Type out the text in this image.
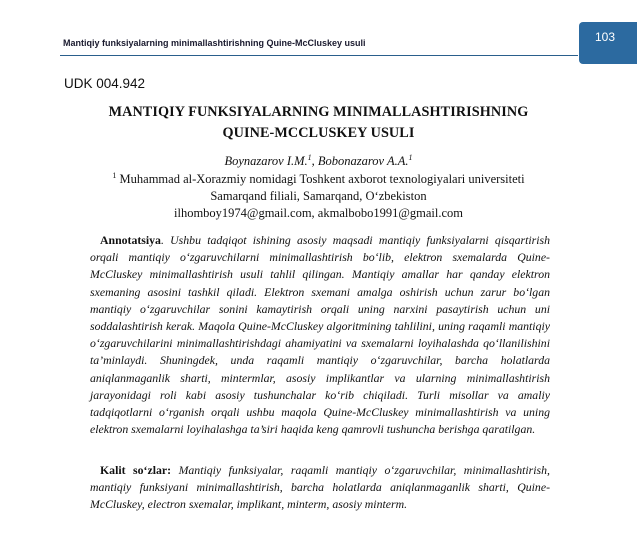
Mantiqiy funksiyalarning minimallashtirishning Quine-McCluskey usuli	103
UDK 004.942
MANTIQIY FUNKSIYALARNING MINIMALLASHTIRISHNING
QUINE-MCCLUSKEY USULI
Boynazarov I.M.$^1$, Bobonazarov A.A.$^1$
$^1$ Muhammad al-Xorazmiy nomidagi Toshkent axborot texnologiyalari universiteti
Samarqand filiali, Samarqand, O‘zbekiston
ilhomboy1974@gmail.com, akmalbobo1991@gmail.com
Annotatsiya. Ushbu tadqiqot ishining asosiy maqsadi mantiqiy funksiyalarni qisqartirish orqali mantiqiy o‘zgaruvchilarni minimallashtirish bo‘lib, elektron sxemalarda Quine-McCluskey minimallashtirish usuli tahlil qilingan. Mantiqiy amallar har qanday elektron sxemaning asosini tashkil qiladi. Elektron sxemani amalga oshirish uchun zarur bo‘lgan mantiqiy o‘zgaruvchilar sonini kamaytirish orqali uning narxini pasaytirish uchun uni soddalashtirish kerak. Maqola Quine-McCluskey algoritmining tahlilini, uning raqamli mantiqiy o‘zgaruvchilarini minimallashtirishdagi ahamiyatini va sxemalarni loyihalashda qo‘llanilishini ta’minlaydi. Shuningdek, unda raqamli mantiqiy o‘zgaruvchilar, barcha holatlarda aniqlanmaganlik sharti, mintermlar, asosiy implikantlar va ularning minimallashtirish jarayonidagi roli kabi asosiy tushunchalar ko‘rib chiqiladi. Turli misollar va amaliy tadqiqotlarni o‘rganish orqali ushbu maqola Quine-McCluskey minimallashtirish va uning elektron sxemalarni loyihalashga ta’siri haqida keng qamrovli tushuncha berishga qaratilgan.
Kalit so‘zlar: Mantiqiy funksiyalar, raqamli mantiqiy o‘zgaruvchilar, minimallashtirish, mantiqiy funksiyani minimallashtirish, barcha holatlarda aniqlanmaganlik sharti, Quine-McCluskey, electron sxemalar, implikant, minterm, asosiy minterm.
